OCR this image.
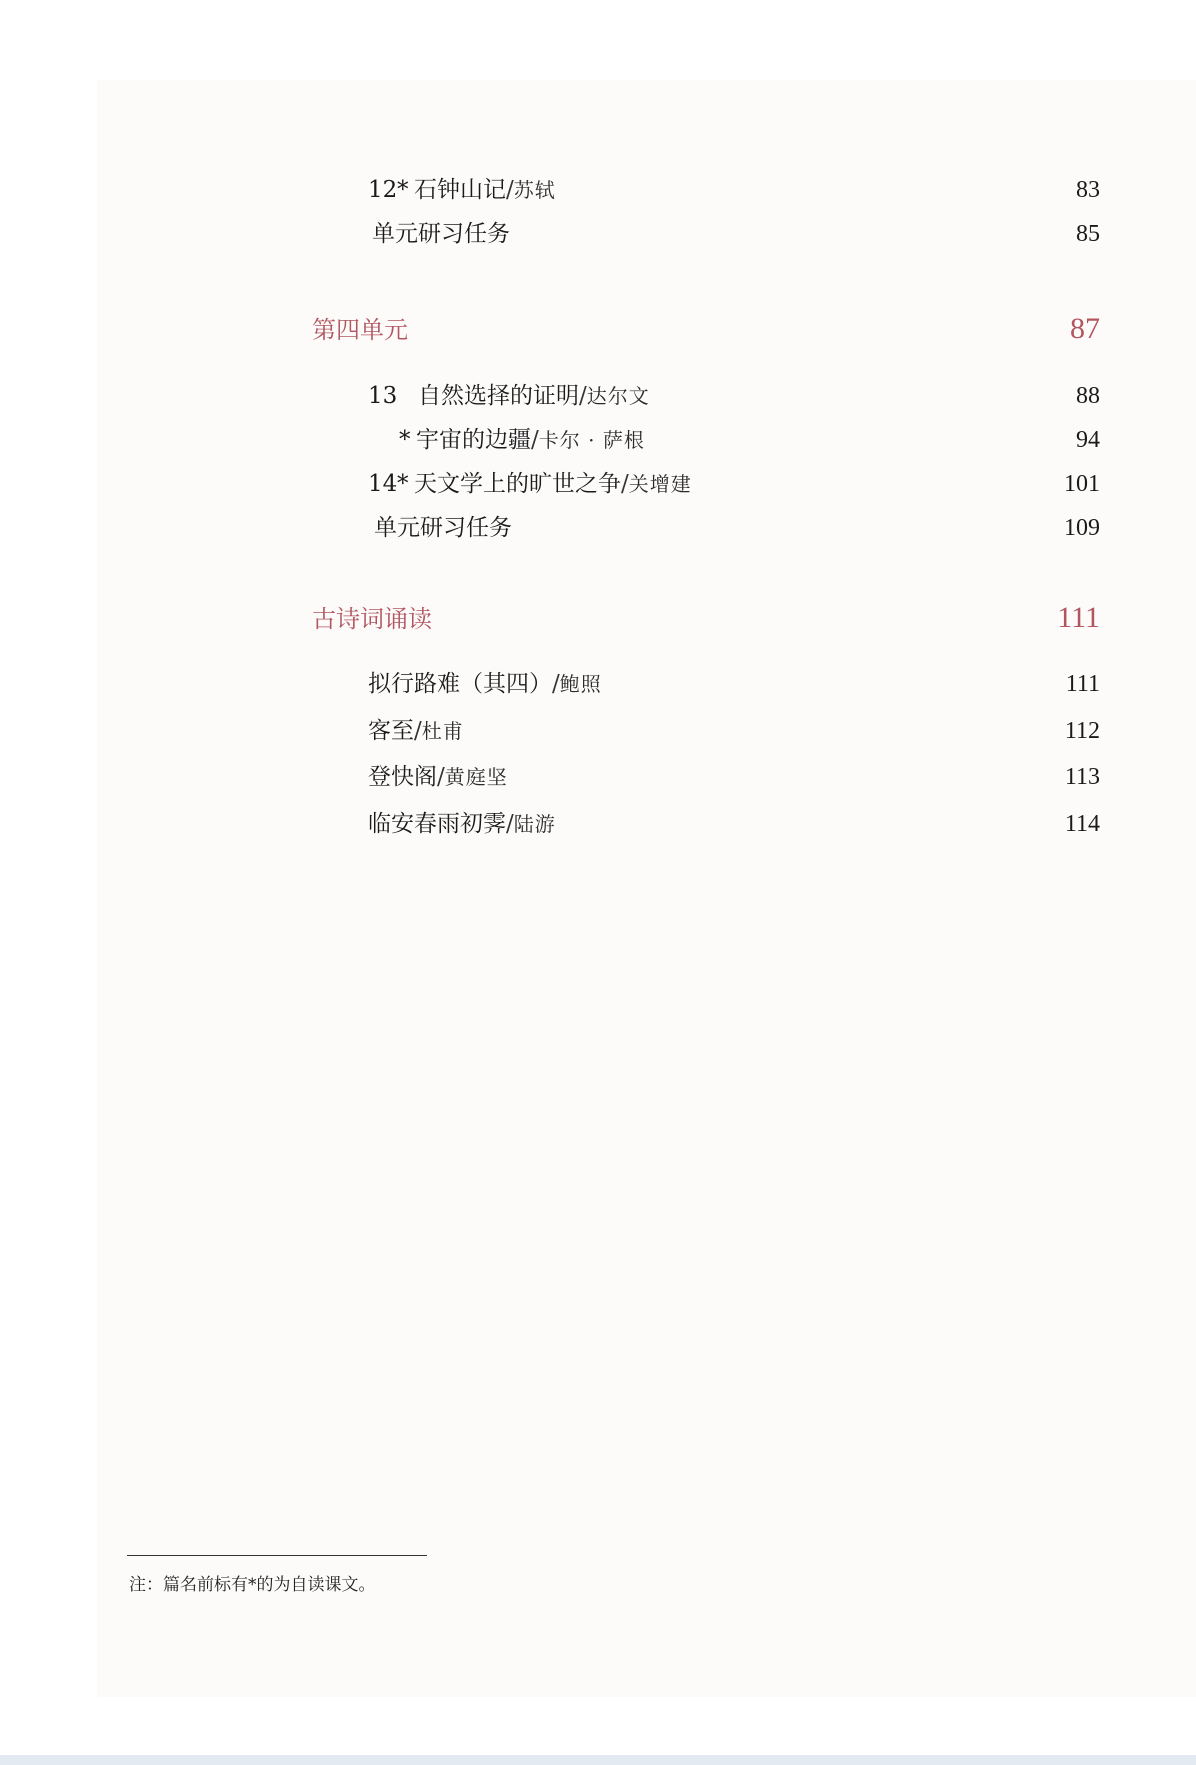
12 * 石钟山记/苏轼	83
单元研习任务	85
第四单元	87
13 自然选择的证明/达尔文	88
* 宇宙的边疆/卡尔 · 萨根	94
14 * 天文学上的旷世之争/关增建	101
单元研习任务	109
古诗词诵读	111
拟行路难（其四）/鲍照	111
客至/杜甫	112
登快阁/黄庭坚	113
临安春雨初霁/陆游	114
注：篇名前标有*的为自读课文。
